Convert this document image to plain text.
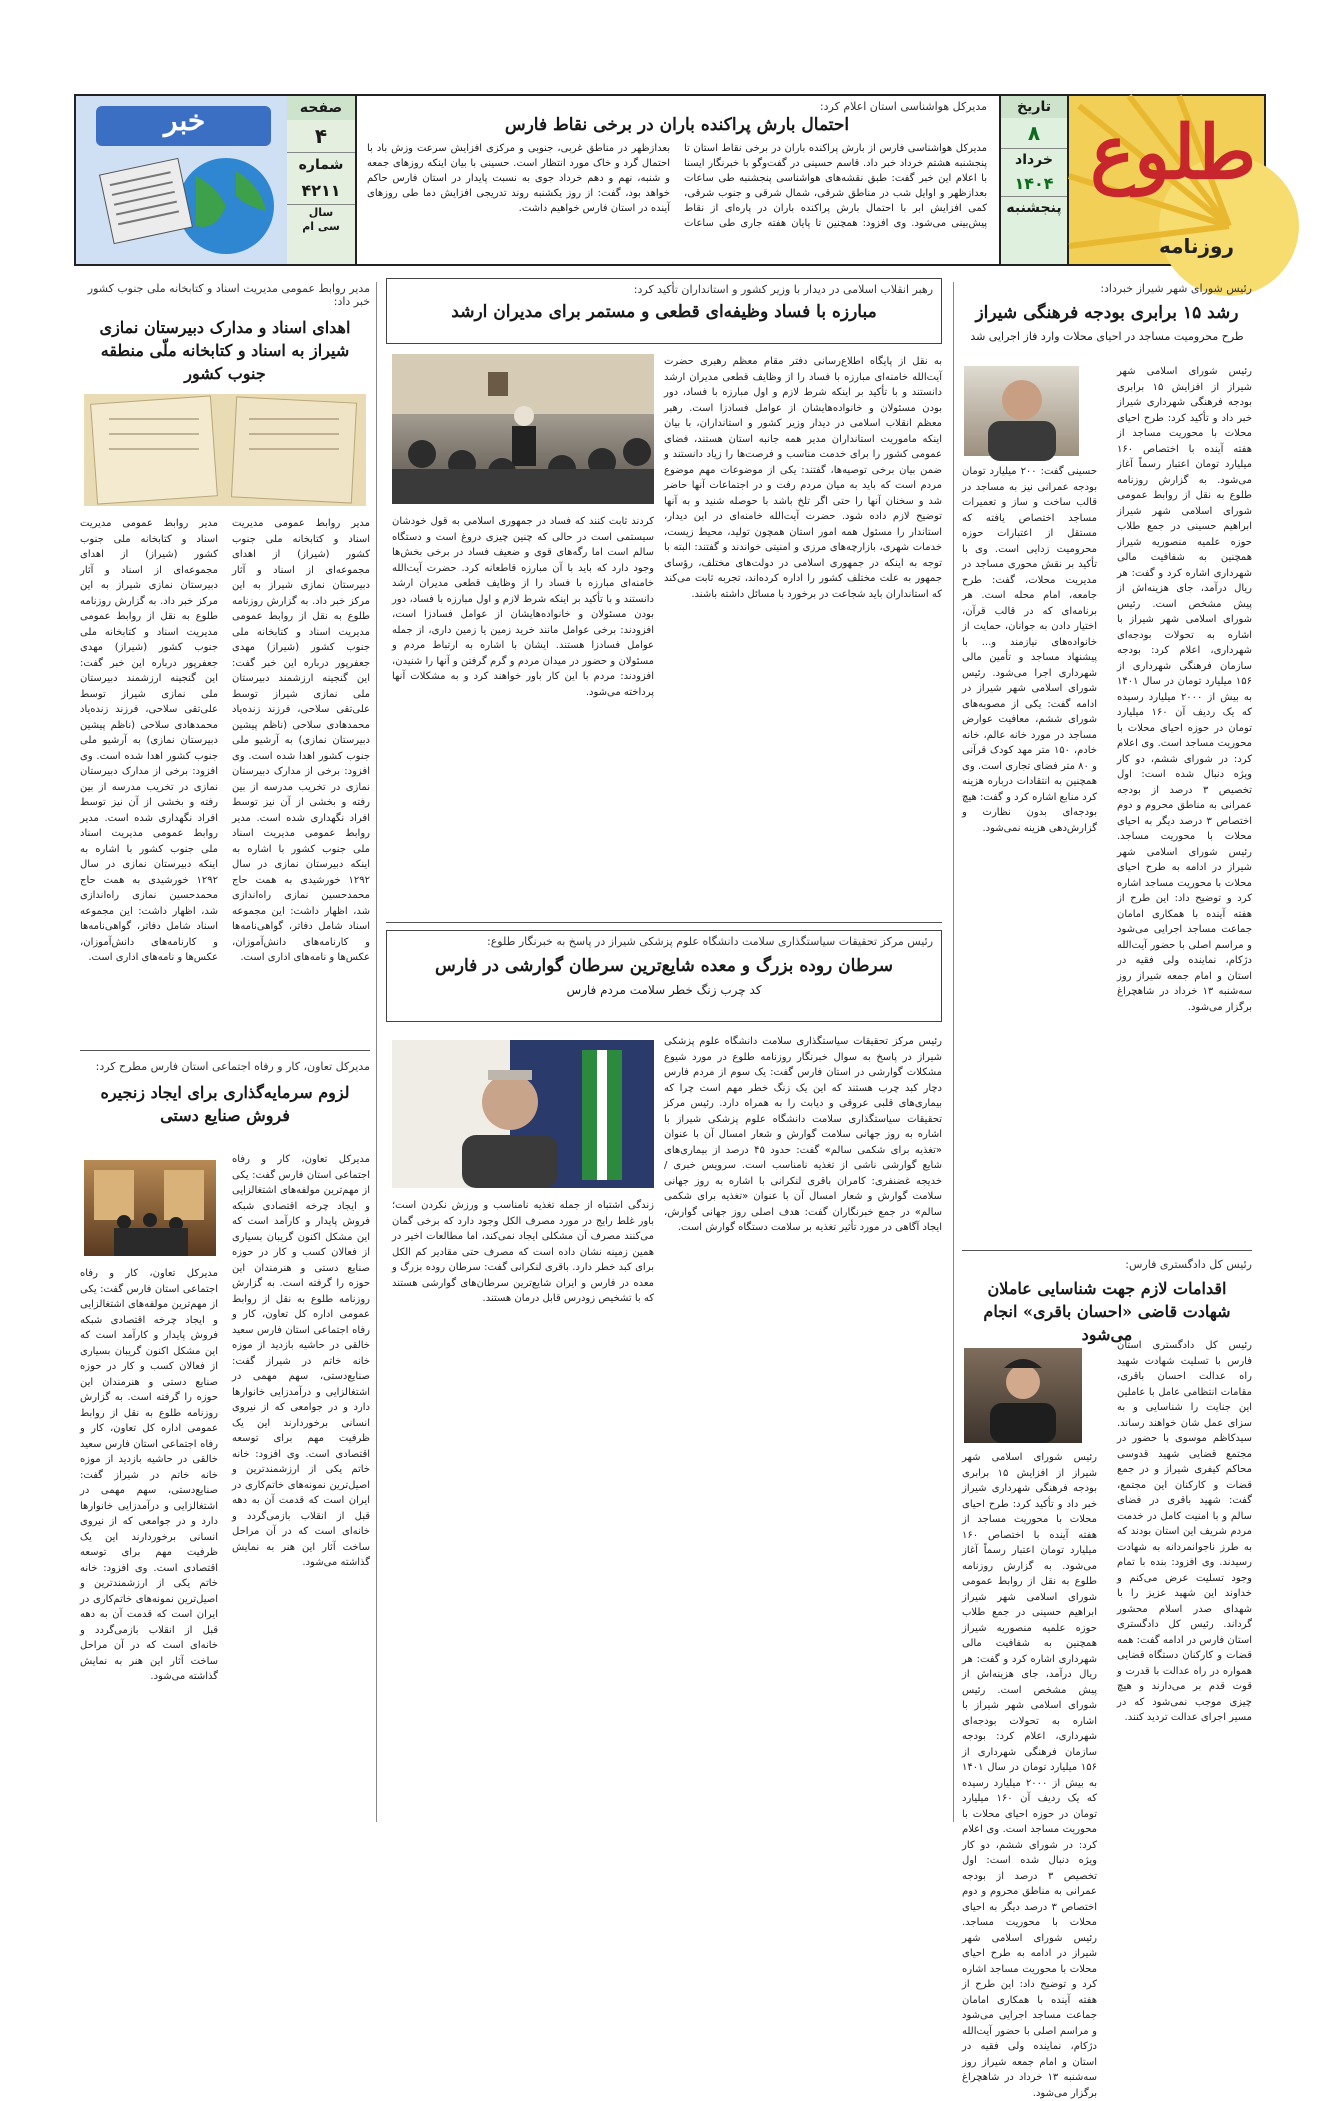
طلوع
روزنامه
تاریخ
۸
خرداد
۱۴۰۴
پنجشنبه
مدیرکل هواشناسی استان اعلام کرد:
احتمال بارش پراکنده باران در برخی نقاط فارس
مدیرکل هواشناسی فارس از بارش پراکنده باران در برخی نقاط استان تا پنجشنبه هشتم خرداد خبر داد. قاسم حسینی در گفت‌وگو با خبرنگار ایسنا با اعلام این خبر گفت: طبق نقشه‌های هواشناسی پنجشنبه طی ساعات بعدازظهر و اوایل شب در مناطق شرقی، شمال شرقی و جنوب شرقی، کمی افزایش ابر با احتمال بارش پراکنده باران در پاره‌ای از نقاط پیش‌بینی می‌شود. وی افزود: همچنین تا پایان هفته جاری طی ساعات بعدازظهر در مناطق غربی، جنوبی و مرکزی افزایش سرعت وزش باد با احتمال گرد و خاک مورد انتظار است. حسینی با بیان اینکه روزهای جمعه و شنبه، نهم و دهم خرداد جوی به نسبت پایدار در استان فارس حاکم خواهد بود، گفت: از روز یکشنبه روند تدریجی افزایش دما طی روزهای آینده در استان فارس خواهیم داشت.
صفحه
۴
شماره
۴۲۱۱
سال
سی ام
خبر
رئیس شورای شهر شیراز خبرداد:
رشد ۱۵ برابری بودجه فرهنگی شیراز
طرح محرومیت مساجد در احیای محلات وارد فاز اجرایی شد
رئیس شورای اسلامی شهر شیراز از افزایش ۱۵ برابری بودجه فرهنگی شهرداری شیراز خبر داد و تأکید کرد: طرح احیای محلات با محوریت مساجد از هفته آینده با اختصاص ۱۶۰ میلیارد تومان اعتبار رسماً آغاز می‌شود. به گزارش روزنامه طلوع به نقل از روابط عمومی شورای اسلامی شهر شیراز ابراهیم حسینی در جمع طلاب حوزه علمیه منصوریه شیراز همچنین به شفافیت مالی شهرداری اشاره کرد و گفت: هر ریال درآمد، جای هزینه‌اش از پیش مشخص است. رئیس شورای اسلامی شهر شیراز با اشاره به تحولات بودجه‌ای شهرداری، اعلام کرد: بودجه سازمان فرهنگی شهرداری از ۱۵۶ میلیارد تومان در سال ۱۴۰۱ به بیش از ۲۰۰۰ میلیارد رسیده که یک ردیف آن ۱۶۰ میلیارد تومان در حوزه احیای محلات با محوریت مساجد است. وی اعلام کرد: در شورای ششم، دو کار ویژه دنبال شده است: اول تخصیص ۳ درصد از بودجه عمرانی به مناطق محروم و دوم اختصاص ۳ درصد دیگر به احیای محلات با محوریت مساجد. رئیس شورای اسلامی شهر شیراز در ادامه به طرح احیای محلات با محوریت مساجد اشاره کرد و توضیح داد: این طرح از هفته آینده با همکاری امامان جماعت مساجد اجرایی می‌شود و مراسم اصلی با حضور آیت‌الله دژکام، نماینده ولی فقیه در استان و امام جمعه شیراز روز سه‌شنبه ۱۳ خرداد در شاهچراغ برگزار می‌شود.
حسینی گفت: ۲۰۰ میلیارد تومان بودجه عمرانی نیز به مساجد در قالب ساخت و ساز و تعمیرات مساجد اختصاص یافته که مستقل از اعتبارات حوزه محرومیت زدایی است. وی با تأکید بر نقش محوری مساجد در مدیریت محلات، گفت: طرح جامعه، امام محله است. هر برنامه‌ای که در قالب قرآن، اختیار دادن به جوانان، حمایت از خانواده‌های نیازمند و... با پیشنهاد مساجد و تأمین مالی شهرداری اجرا می‌شود. رئیس شورای اسلامی شهر شیراز در ادامه گفت: یکی از مصوبه‌های شورای ششم، معافیت عوارض مساجد در مورد خانه عالم، خانه خادم، ۱۵۰ متر مهد کودک قرآنی و ۸۰ متر فضای تجاری است. وی همچنین به انتقادات درباره هزینه کرد منابع اشاره کرد و گفت: هیچ بودجه‌ای بدون نظارت و گزارش‌دهی هزینه نمی‌شود.
رئیس کل دادگستری فارس:
اقدامات لازم جهت شناسایی عاملان شهادت قاضی «احسان باقری» انجام می‌شود
رئیس کل دادگستری استان فارس با تسلیت شهادت شهید راه عدالت احسان باقری، مقامات انتظامی عامل با عاملین این جنایت را شناسایی و به سزای عمل شان خواهند رساند. سیدکاظم موسوی با حضور در مجتمع قضایی شهید قدوسی محاکم کیفری شیراز و در جمع قضات و کارکنان این مجتمع، گفت: شهید باقری در فضای سالم و با امنیت کامل در خدمت مردم شریف این استان بودند که به طرز ناجوانمردانه به شهادت رسیدند. وی افزود: بنده با تمام وجود تسلیت عرض می‌کنم و خداوند این شهید عزیز را با شهدای صدر اسلام محشور گرداند. رئیس کل دادگستری استان فارس در ادامه گفت: همه قضات و کارکنان دستگاه قضایی همواره در راه عدالت با قدرت و قوت قدم بر می‌دارند و هیچ چیزی موجب نمی‌شود که در مسیر اجرای عدالت تردید کنند.
رئیس شورای اسلامی شهر شیراز از افزایش ۱۵ برابری بودجه فرهنگی شهرداری شیراز خبر داد و تأکید کرد: طرح احیای محلات با محوریت مساجد از هفته آینده با اختصاص ۱۶۰ میلیارد تومان اعتبار رسماً آغاز می‌شود. به گزارش روزنامه طلوع به نقل از روابط عمومی شورای اسلامی شهر شیراز ابراهیم حسینی در جمع طلاب حوزه علمیه منصوریه شیراز همچنین به شفافیت مالی شهرداری اشاره کرد و گفت: هر ریال درآمد، جای هزینه‌اش از پیش مشخص است. رئیس شورای اسلامی شهر شیراز با اشاره به تحولات بودجه‌ای شهرداری، اعلام کرد: بودجه سازمان فرهنگی شهرداری از ۱۵۶ میلیارد تومان در سال ۱۴۰۱ به بیش از ۲۰۰۰ میلیارد رسیده که یک ردیف آن ۱۶۰ میلیارد تومان در حوزه احیای محلات با محوریت مساجد است. وی اعلام کرد: در شورای ششم، دو کار ویژه دنبال شده است: اول تخصیص ۳ درصد از بودجه عمرانی به مناطق محروم و دوم اختصاص ۳ درصد دیگر به احیای محلات با محوریت مساجد. رئیس شورای اسلامی شهر شیراز در ادامه به طرح احیای محلات با محوریت مساجد اشاره کرد و توضیح داد: این طرح از هفته آینده با همکاری امامان جماعت مساجد اجرایی می‌شود و مراسم اصلی با حضور آیت‌الله دژکام، نماینده ولی فقیه در استان و امام جمعه شیراز روز سه‌شنبه ۱۳ خرداد در شاهچراغ برگزار می‌شود.
رهبر انقلاب اسلامی در دیدار با وزیر کشور و استانداران تأکید کرد:
مبارزه با فساد وظیفه‌ای قطعی و مستمر برای مدیران ارشد
به نقل از پایگاه اطلاع‌رسانی دفتر مقام معظم رهبری حضرت آیت‌الله خامنه‌ای مبارزه با فساد را از وظایف قطعی مدیران ارشد دانستند و با تأکید بر اینکه شرط لازم و اول مبارزه با فساد، دور بودن مسئولان و خانواده‌هایشان از عوامل فسادزا است. رهبر معظم انقلاب اسلامی در دیدار وزیر کشور و استانداران، با بیان اینکه ماموریت استانداران مدیر همه جانبه استان هستند، فضای عمومی کشور را برای خدمت مناسب و فرصت‌ها را زیاد دانستند و ضمن بیان برخی توصیه‌ها، گفتند: یکی از موضوعات مهم موضوع مردم است که باید به میان مردم رفت و در اجتماعات آنها حاضر شد و سخنان آنها را حتی اگر تلخ باشد با حوصله شنید و به آنها توضیح لازم داده شود. حضرت آیت‌الله خامنه‌ای در این دیدار، استاندار را مسئول همه امور استان همچون تولید، محیط زیست، خدمات شهری، بازارچه‌های مرزی و امنیتی خواندند و گفتند: البته با توجه به اینکه در جمهوری اسلامی در دولت‌های مختلف، رؤسای جمهور به علت مختلف کشور را اداره کرده‌اند، تجربه ثابت می‌کند که استانداران باید شجاعت در برخورد با مسائل داشته باشند.
کردند ثابت کنند که فساد در جمهوری اسلامی به قول خودشان سیستمی است در حالی که چنین چیزی دروغ است و دستگاه سالم است اما رگه‌های قوی و ضعیف فساد در برخی بخش‌ها وجود دارد که باید با آن مبارزه قاطعانه کرد. حضرت آیت‌الله خامنه‌ای مبارزه با فساد را از وظایف قطعی مدیران ارشد دانستند و با تأکید بر اینکه شرط لازم و اول مبارزه با فساد، دور بودن مسئولان و خانواده‌هایشان از عوامل فسادزا است، افزودند: برخی عوامل مانند خرید زمین یا زمین داری، از جمله عوامل فسادزا هستند. ایشان با اشاره به ارتباط مردم و مسئولان و حضور در میدان مردم و گرم گرفتن و آنها را شنیدن، افزودند: مردم با این کار باور خواهند کرد و به مشکلات آنها پرداخته می‌شود.
رئیس مرکز تحقیقات سیاستگذاری سلامت دانشگاه علوم پزشکی شیراز در پاسخ به خبرنگار طلوع:
سرطان روده بزرگ و معده شایع‌ترین سرطان گوارشی در فارس
کد چرب زنگ خطر سلامت مردم فارس
رئیس مرکز تحقیقات سیاستگذاری سلامت دانشگاه علوم پزشکی شیراز در پاسخ به سوال خبرنگار روزنامه طلوع در مورد شیوع مشکلات گوارشی در استان فارس گفت: یک سوم از مردم فارس دچار کبد چرب هستند که این یک زنگ خطر مهم است چرا که بیماری‌های قلبی عروقی و دیابت را به همراه دارد. رئیس مرکز تحقیقات سیاستگذاری سلامت دانشگاه علوم پزشکی شیراز با اشاره به روز جهانی سلامت گوارش و شعار امسال آن با عنوان «تغذیه برای شکمی سالم» گفت: حدود ۴۵ درصد از بیماری‌های شایع گوارشی ناشی از تغذیه نامناسب است. سرویس خبری / خدیجه غضنفری: کامران باقری لنکرانی با اشاره به روز جهانی سلامت گوارش و شعار امسال آن با عنوان «تغذیه برای شکمی سالم» در جمع خبرنگاران گفت: هدف اصلی روز جهانی گوارش، ایجاد آگاهی در مورد تأثیر تغذیه بر سلامت دستگاه گوارش است.
زندگی اشتباه از جمله تغذیه نامناسب و ورزش نکردن است؛ باور غلط رایج در مورد مصرف الکل وجود دارد که برخی گمان می‌کنند مصرف آن مشکلی ایجاد نمی‌کند، اما مطالعات اخیر در همین زمینه نشان داده است که مصرف حتی مقادیر کم الکل برای کبد خطر دارد. باقری لنکرانی گفت: سرطان روده بزرگ و معده در فارس و ایران شایع‌ترین سرطان‌های گوارشی هستند که با تشخیص زودرس قابل درمان هستند.
مدیر روابط عمومی مدیریت اسناد و کتابخانه ملی جنوب کشور خبر داد:
اهدای اسناد و مدارک دبیرستان نمازی شیراز به اسناد و کتابخانه ملّی منطقه جنوب کشور
مدیر روابط عمومی مدیریت اسناد و کتابخانه ملی جنوب کشور (شیراز) از اهدای مجموعه‌ای از اسناد و آثار دبیرستان نمازی شیراز به این مرکز خبر داد. به گزارش روزنامه طلوع به نقل از روابط عمومی مدیریت اسناد و کتابخانه ملی جنوب کشور (شیراز) مهدی جعفرپور درباره این خبر گفت: این گنجینه ارزشمند دبیرستان ملی نمازی شیراز توسط علی‌تقی سلاحی، فرزند زنده‌یاد محمدهادی سلاحی (ناظم پیشین دبیرستان نمازی) به آرشیو ملی جنوب کشور اهدا شده است. وی افزود: برخی از مدارک دبیرستان نمازی در تخریب مدرسه از بین رفته و بخشی از آن نیز توسط افراد نگهداری شده است. مدیر روابط عمومی مدیریت اسناد ملی جنوب کشور با اشاره به اینکه دبیرستان نمازی در سال ۱۲۹۲ خورشیدی به همت حاج محمدحسین نمازی راه‌اندازی شد، اظهار داشت: این مجموعه اسناد شامل دفاتر، گواهی‌نامه‌ها و کارنامه‌های دانش‌آموزان، عکس‌ها و نامه‌های اداری است.
مدیر روابط عمومی مدیریت اسناد و کتابخانه ملی جنوب کشور (شیراز) از اهدای مجموعه‌ای از اسناد و آثار دبیرستان نمازی شیراز به این مرکز خبر داد. به گزارش روزنامه طلوع به نقل از روابط عمومی مدیریت اسناد و کتابخانه ملی جنوب کشور (شیراز) مهدی جعفرپور درباره این خبر گفت: این گنجینه ارزشمند دبیرستان ملی نمازی شیراز توسط علی‌تقی سلاحی، فرزند زنده‌یاد محمدهادی سلاحی (ناظم پیشین دبیرستان نمازی) به آرشیو ملی جنوب کشور اهدا شده است. وی افزود: برخی از مدارک دبیرستان نمازی در تخریب مدرسه از بین رفته و بخشی از آن نیز توسط افراد نگهداری شده است. مدیر روابط عمومی مدیریت اسناد ملی جنوب کشور با اشاره به اینکه دبیرستان نمازی در سال ۱۲۹۲ خورشیدی به همت حاج محمدحسین نمازی راه‌اندازی شد، اظهار داشت: این مجموعه اسناد شامل دفاتر، گواهی‌نامه‌ها و کارنامه‌های دانش‌آموزان، عکس‌ها و نامه‌های اداری است.
مدیرکل تعاون، کار و رفاه اجتماعی استان فارس مطرح کرد:
لزوم سرمایه‌گذاری برای ایجاد زنجیره فروش صنایع دستی
مدیرکل تعاون، کار و رفاه اجتماعی استان فارس گفت: یکی از مهم‌ترین مولفه‌های اشتغالزایی و ایجاد چرخه اقتصادی شبکه فروش پایدار و کارآمد است که این مشکل اکنون گریبان بسیاری از فعالان کسب و کار در حوزه صنایع دستی و هنرمندان این حوزه را گرفته است. به گزارش روزنامه طلوع به نقل از روابط عمومی اداره کل تعاون، کار و رفاه اجتماعی استان فارس سعید خالقی در حاشیه بازدید از موزه خانه خاتم در شیراز گفت: صنایع‌دستی، سهم مهمی در اشتغالزایی و درآمدزایی خانوارها دارد و در جوامعی که از نیروی انسانی برخوردارند این یک ظرفیت مهم برای توسعه اقتصادی است. وی افزود: خانه خاتم یکی از ارزشمندترین و اصیل‌ترین نمونه‌های خاتم‌کاری در ایران است که قدمت آن به دهه قبل از انقلاب بازمی‌گردد و خانه‌ای است که در آن مراحل ساخت آثار این هنر به نمایش گذاشته می‌شود.
مدیرکل تعاون، کار و رفاه اجتماعی استان فارس گفت: یکی از مهم‌ترین مولفه‌های اشتغالزایی و ایجاد چرخه اقتصادی شبکه فروش پایدار و کارآمد است که این مشکل اکنون گریبان بسیاری از فعالان کسب و کار در حوزه صنایع دستی و هنرمندان این حوزه را گرفته است. به گزارش روزنامه طلوع به نقل از روابط عمومی اداره کل تعاون، کار و رفاه اجتماعی استان فارس سعید خالقی در حاشیه بازدید از موزه خانه خاتم در شیراز گفت: صنایع‌دستی، سهم مهمی در اشتغالزایی و درآمدزایی خانوارها دارد و در جوامعی که از نیروی انسانی برخوردارند این یک ظرفیت مهم برای توسعه اقتصادی است. وی افزود: خانه خاتم یکی از ارزشمندترین و اصیل‌ترین نمونه‌های خاتم‌کاری در ایران است که قدمت آن به دهه قبل از انقلاب بازمی‌گردد و خانه‌ای است که در آن مراحل ساخت آثار این هنر به نمایش گذاشته می‌شود.
